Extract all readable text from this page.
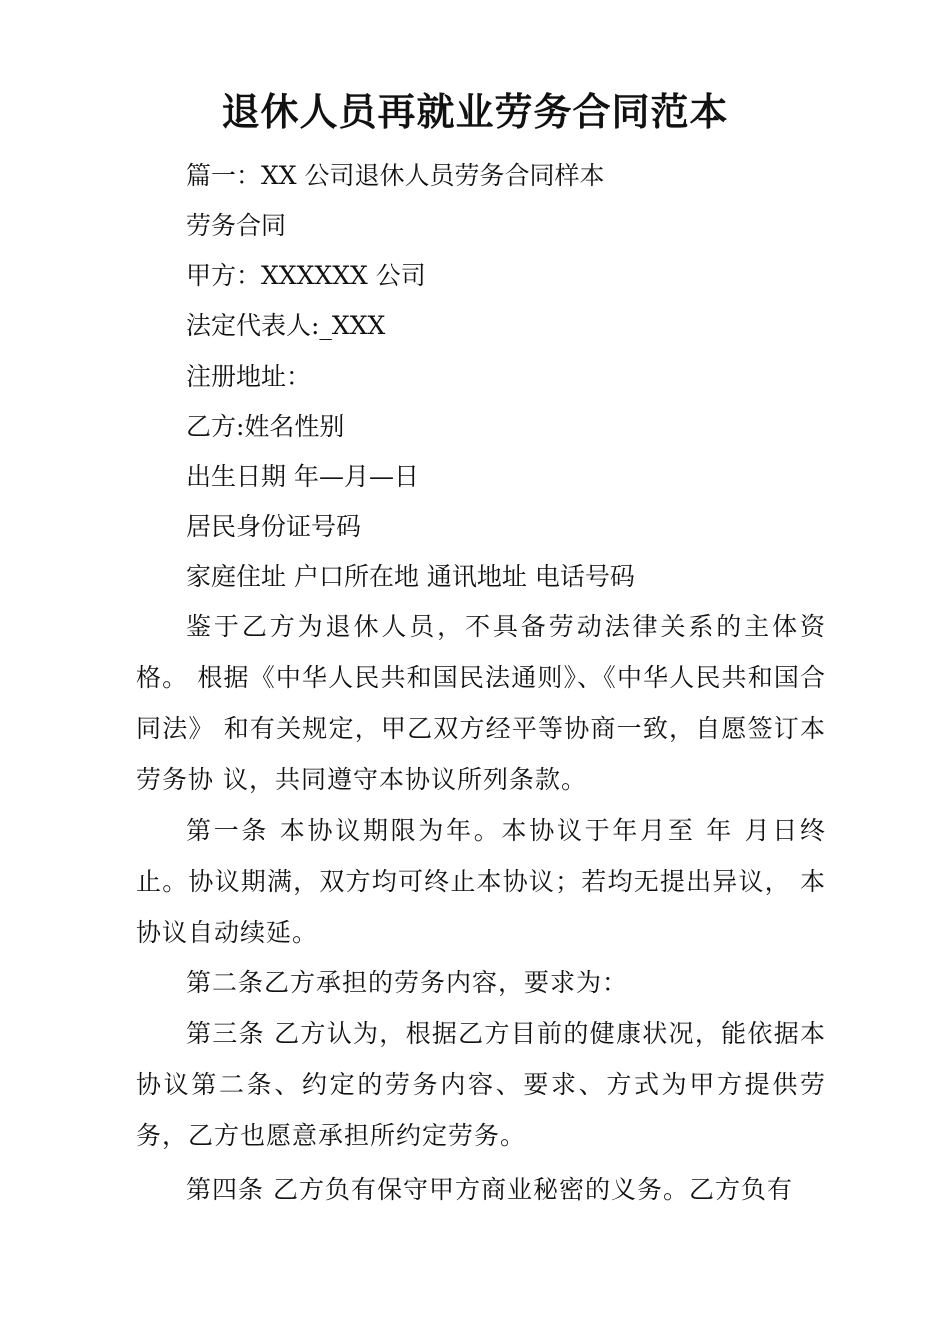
退休人员再就业劳务合同范本

篇一：XX 公司退休人员劳务合同样本

劳务合同

甲方：XXXXXX 公司

法定代表人:_XXX

注册地址：

乙方:姓名性别

出生日期 年—月—日

居民身份证号码

家庭住址 户口所在地 通讯地址 电话号码

鉴于乙方为退休人员，不具备劳动法律关系的主体资格。 根据《中华人民共和国民法通则》、《中华人民共和国合同法》 和有关规定，甲乙双方经平等协商一致，自愿签订本劳务协 议，共同遵守本协议所列条款。

第一条 本协议期限为年。本协议于年月至 年 月日终止。协议期满，双方均可终止本协议；若均无提出异议， 本协议自动续延。

第二条乙方承担的劳务内容，要求为：

第三条 乙方认为，根据乙方目前的健康状况，能依据本协议第二条、约定的劳务内容、要求、方式为甲方提供劳务，乙方也愿意承担所约定劳务。

第四条 乙方负有保守甲方商业秘密的义务。乙方负有
